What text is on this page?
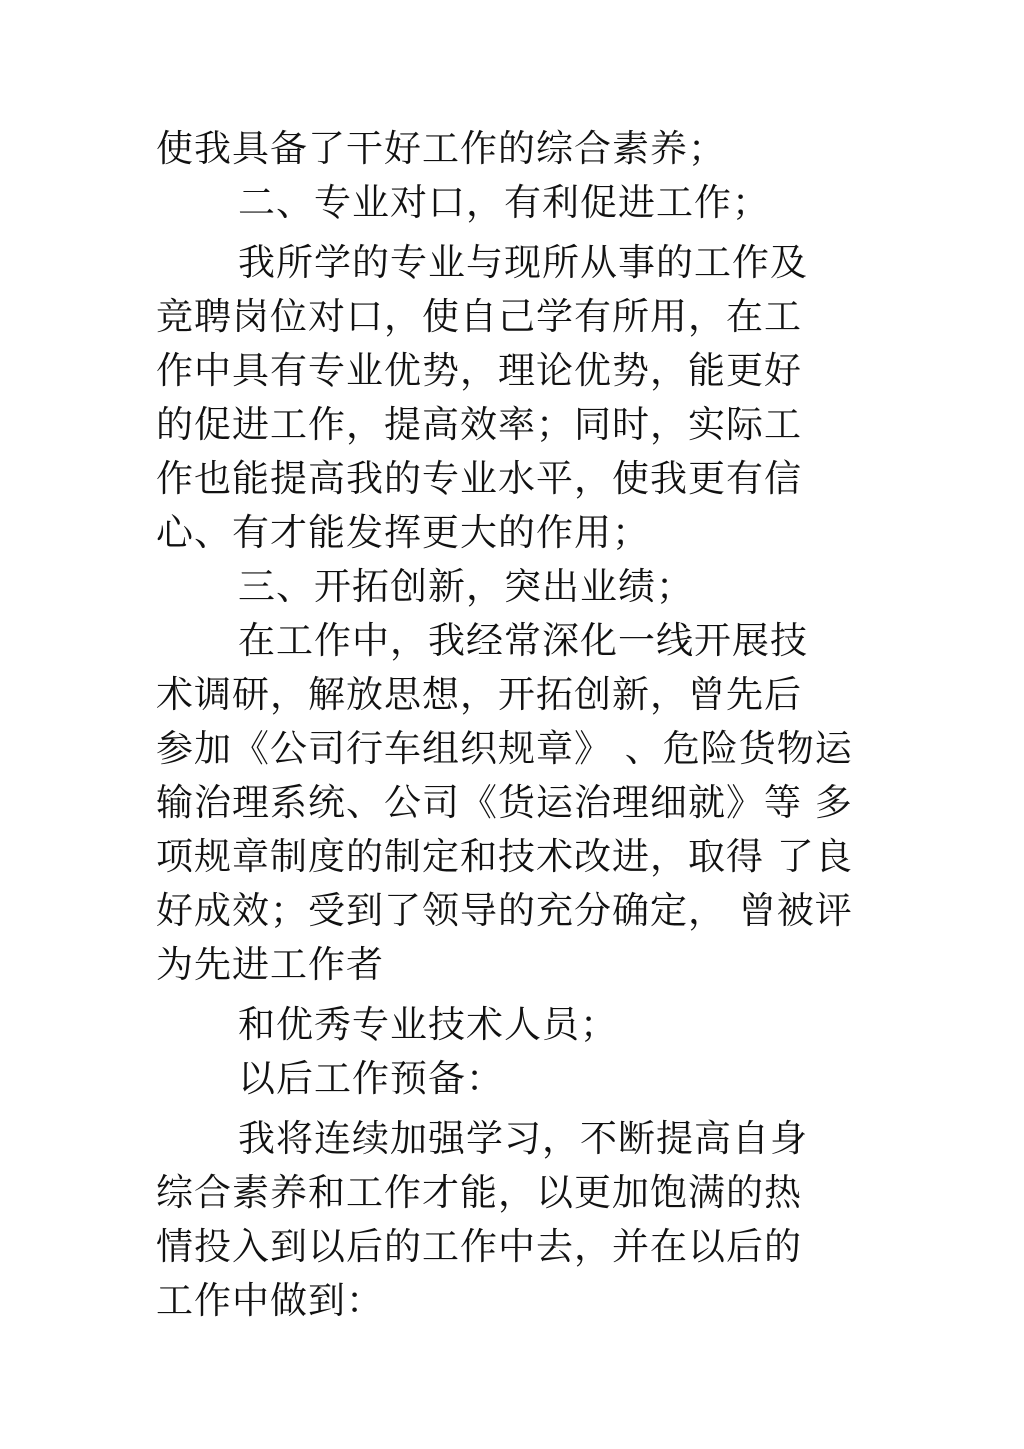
使我具备了干好工作的综合素养；
二、专业对口，有利促进工作；
我所学的专业与现所从事的工作及
竞聘岗位对口，使自己学有所用，在工
作中具有专业优势，理论优势，能更好
的促进工作，提高效率；同时，实际工
作也能提高我的专业水平，使我更有信
心、有才能发挥更大的作用；
三、开拓创新，突出业绩；
在工作中，我经常深化一线开展技
术调研，解放思想，开拓创新，曾先后
参加《公司行车组织规章》 、危险货物运
输治理系统、公司《货运治理细就》等 多
项规章制度的制定和技术改进，取得 了良
好成效；受到了领导的充分确定， 曾被评
为先进工作者
和优秀专业技术人员；
以后工作预备：
我将连续加强学习，不断提高自身
综合素养和工作才能，以更加饱满的热
情投入到以后的工作中去，并在以后的
工作中做到：
